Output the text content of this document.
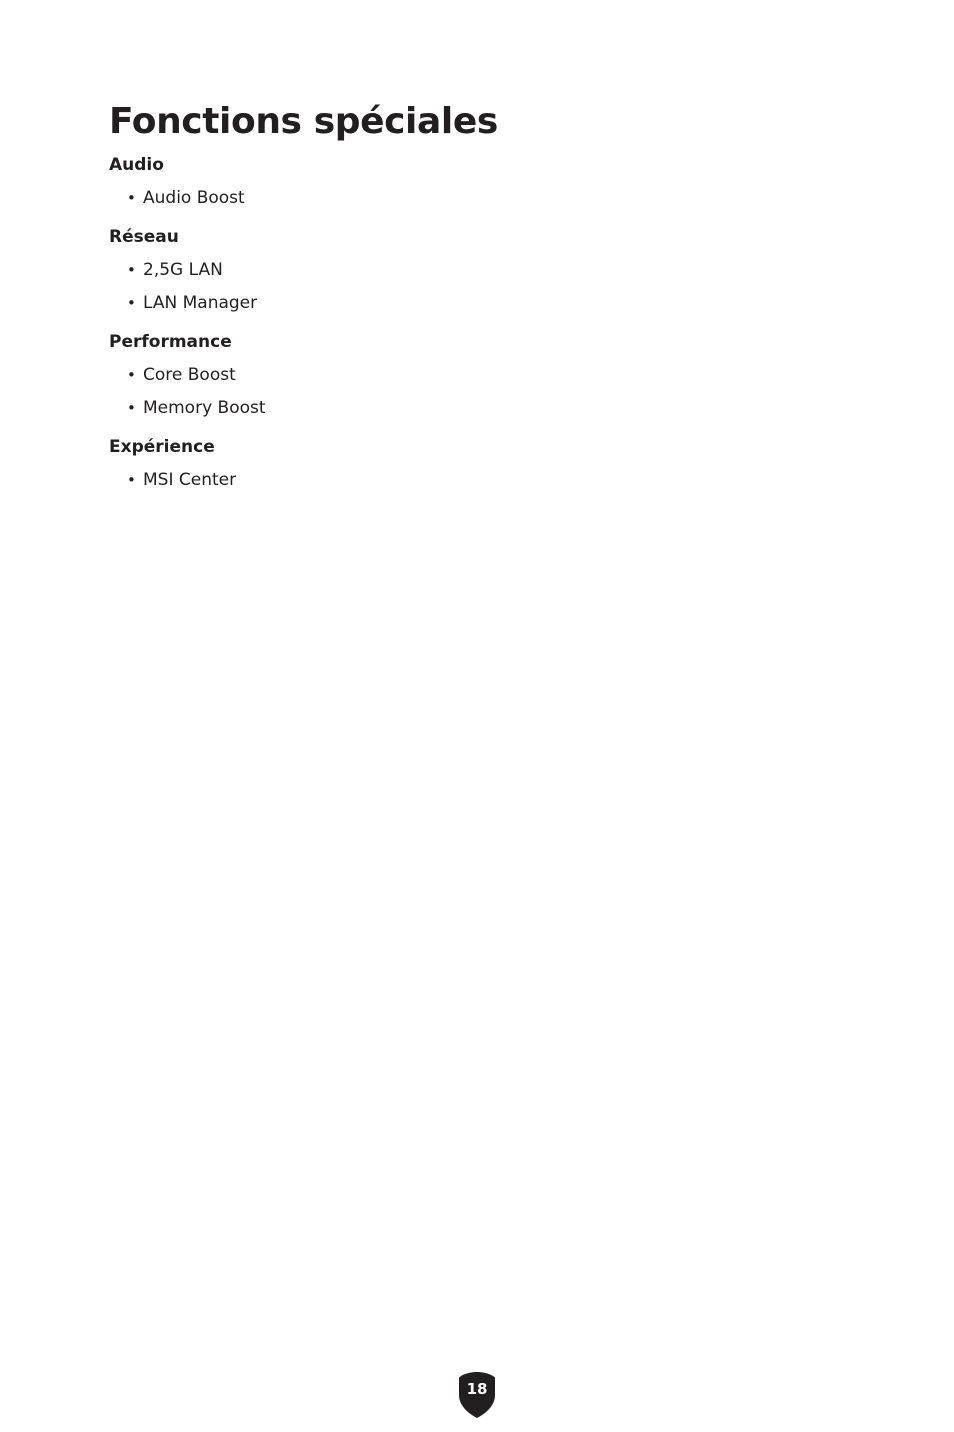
Fonctions spéciales
Audio
• Audio Boost
Réseau
• 2,5G LAN
• LAN Manager
Performance
• Core Boost
• Memory Boost
Expérience
• MSI Center
18
